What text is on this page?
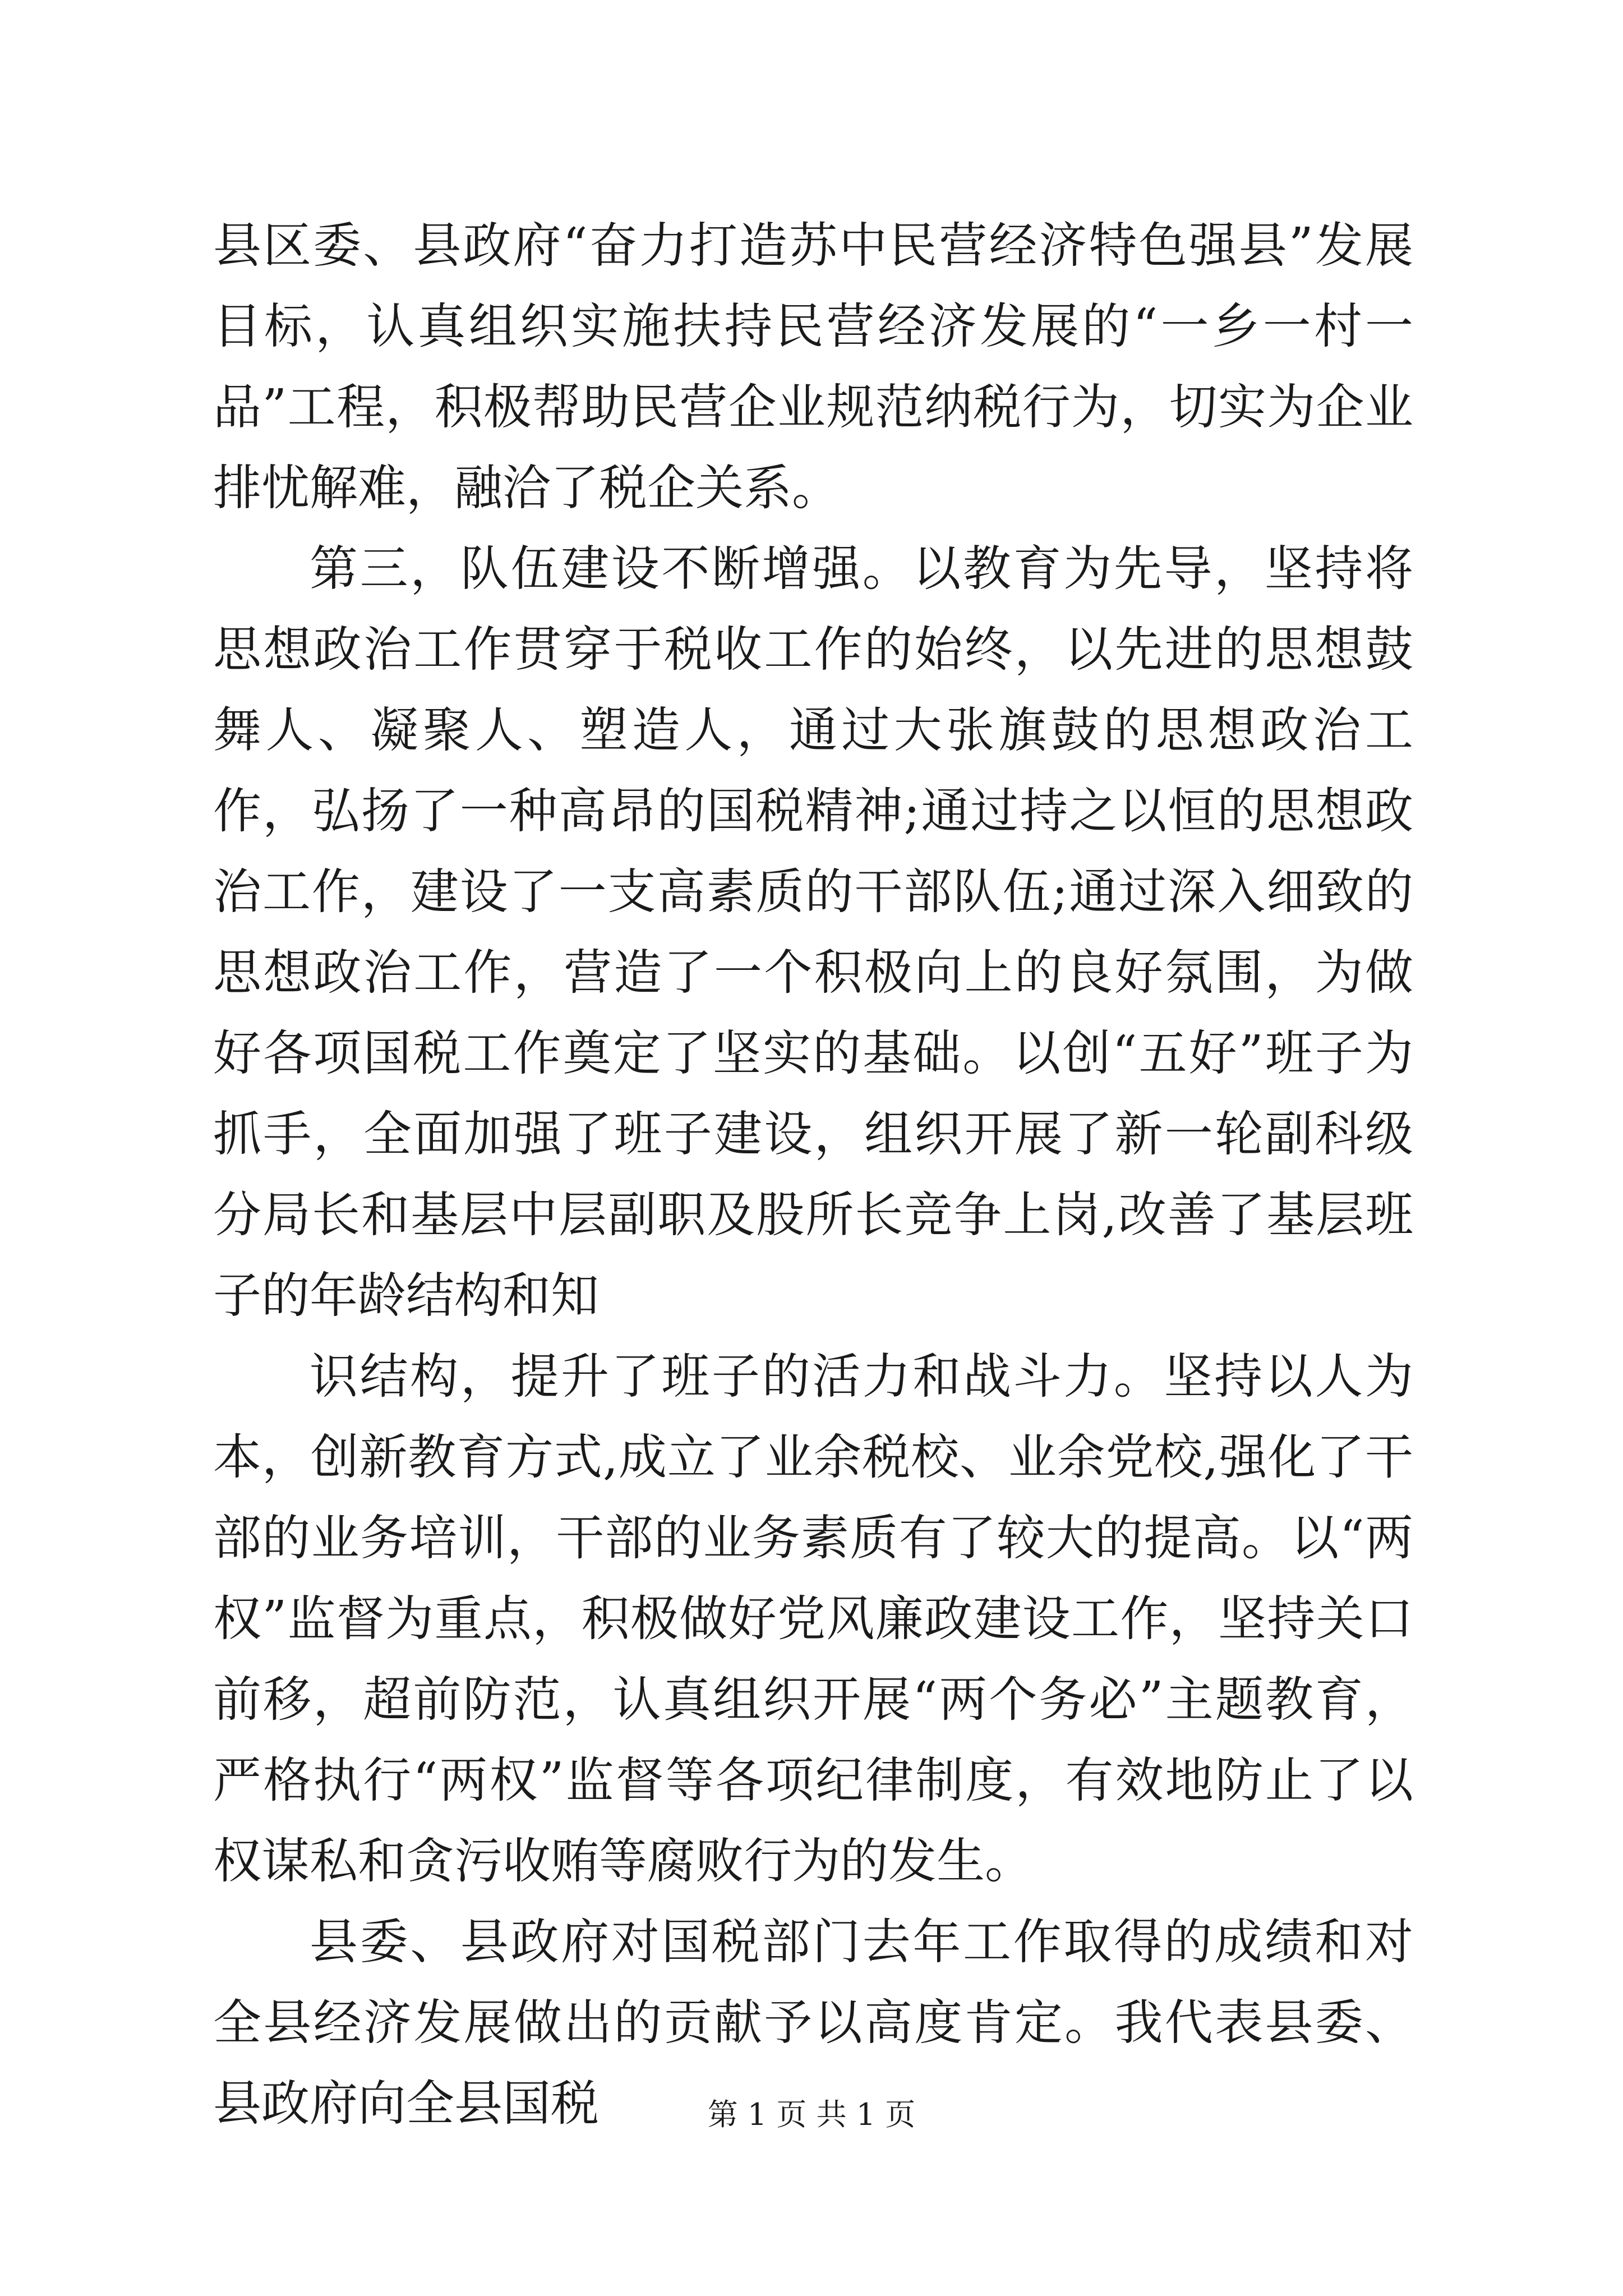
县区委、县政府“奋力打造苏中民营经济特色强县”发展目标，认真组织实施扶持民营经济发展的“一乡一村一品”工程，积极帮助民营企业规范纳税行为，切实为企业排忧解难，融洽了税企关系。

第三，队伍建设不断增强。以教育为先导，坚持将思想政治工作贯穿于税收工作的始终，以先进的思想鼓舞人、凝聚人、塑造人，通过大张旗鼓的思想政治工作，弘扬了一种高昂的国税精神;通过持之以恒的思想政治工作，建设了一支高素质的干部队伍;通过深入细致的思想政治工作，营造了一个积极向上的良好氛围，为做好各项国税工作奠定了坚实的基础。以创“五好”班子为抓手，全面加强了班子建设，组织开展了新一轮副科级分局长和基层中层副职及股所长竞争上岗,改善了基层班子的年龄结构和知

识结构，提升了班子的活力和战斗力。坚持以人为本，创新教育方式,成立了业余税校、业余党校,强化了干部的业务培训，干部的业务素质有了较大的提高。以“两权”监督为重点，积极做好党风廉政建设工作，坚持关口前移，超前防范，认真组织开展“两个务必”主题教育，严格执行“两权”监督等各项纪律制度，有效地防止了以权谋私和贪污收贿等腐败行为的发生。

县委、县政府对国税部门去年工作取得的成绩和对全县经济发展做出的贡献予以高度肯定。我代表县委、县政府向全县国税	第 1 页 共 1 页
